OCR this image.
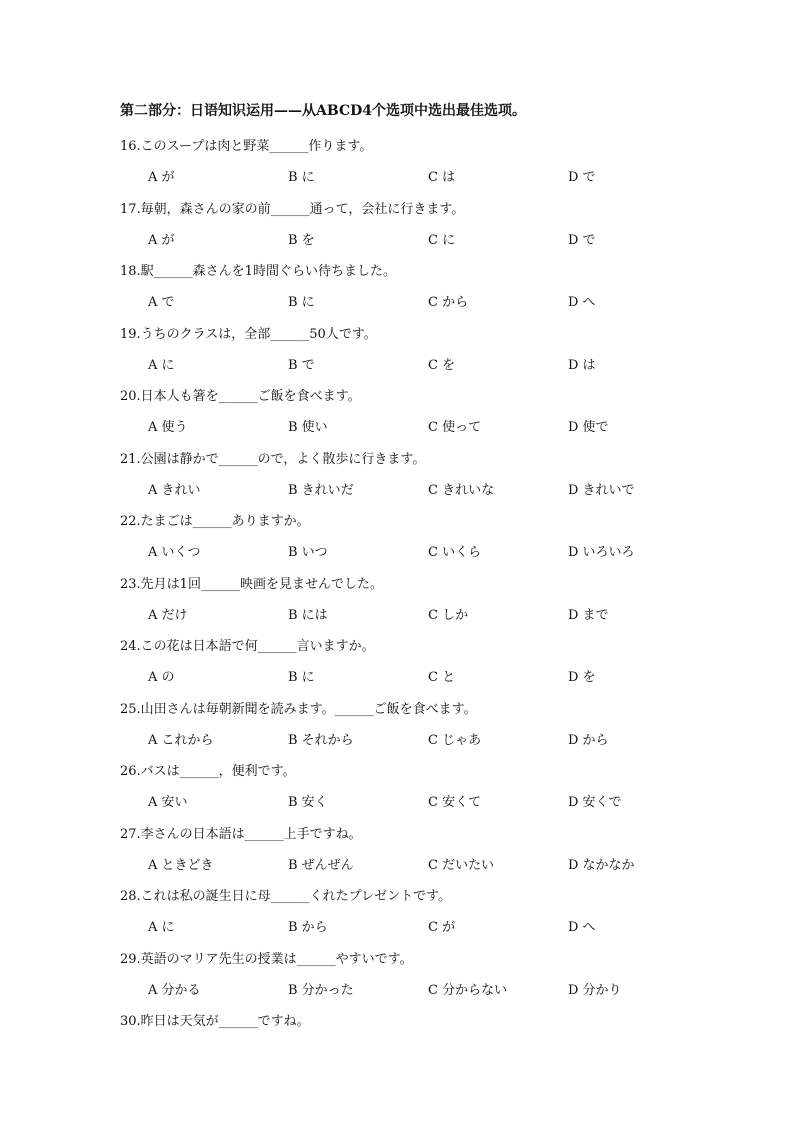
第二部分：日语知识运用——从ABCD4个选项中选出最佳选项。
16.このスープは肉と野菜______作ります。
A が	B に	C は	D で
17.毎朝，森さんの家の前______通って，会社に行きます。
A が	B を	C に	D で
18.駅______森さんを1時間ぐらい待ちました。
A で	B に	C から	D へ
19.うちのクラスは，全部______50人です。
A に	B で	C を	D は
20.日本人も箸を______ご飯を食べます。
A 使う	B 使い	C 使って	D 使で
21.公園は静かで______ので，よく散歩に行きます。
A きれい	B きれいだ	C きれいな	D きれいで
22.たまごは______ありますか。
A いくつ	B いつ	C いくら	D いろいろ
23.先月は1回______映画を見ませんでした。
A だけ	B には	C しか	D まで
24.この花は日本語で何______言いますか。
A の	B に	C と	D を
25.山田さんは毎朝新聞を読みます。______ご飯を食べます。
A これから	B それから	C じゃあ	D から
26.バスは______，便利です。
A 安い	B 安く	C 安くて	D 安くで
27.李さんの日本語は______上手ですね。
A ときどき	B ぜんぜん	C だいたい	D なかなか
28.これは私の誕生日に母______くれたプレゼントです。
A に	B から	C が	D へ
29.英語のマリア先生の授業は______やすいです。
A 分かる	B 分かった	C 分からない	D 分かり
30.昨日は天気が______ですね。
